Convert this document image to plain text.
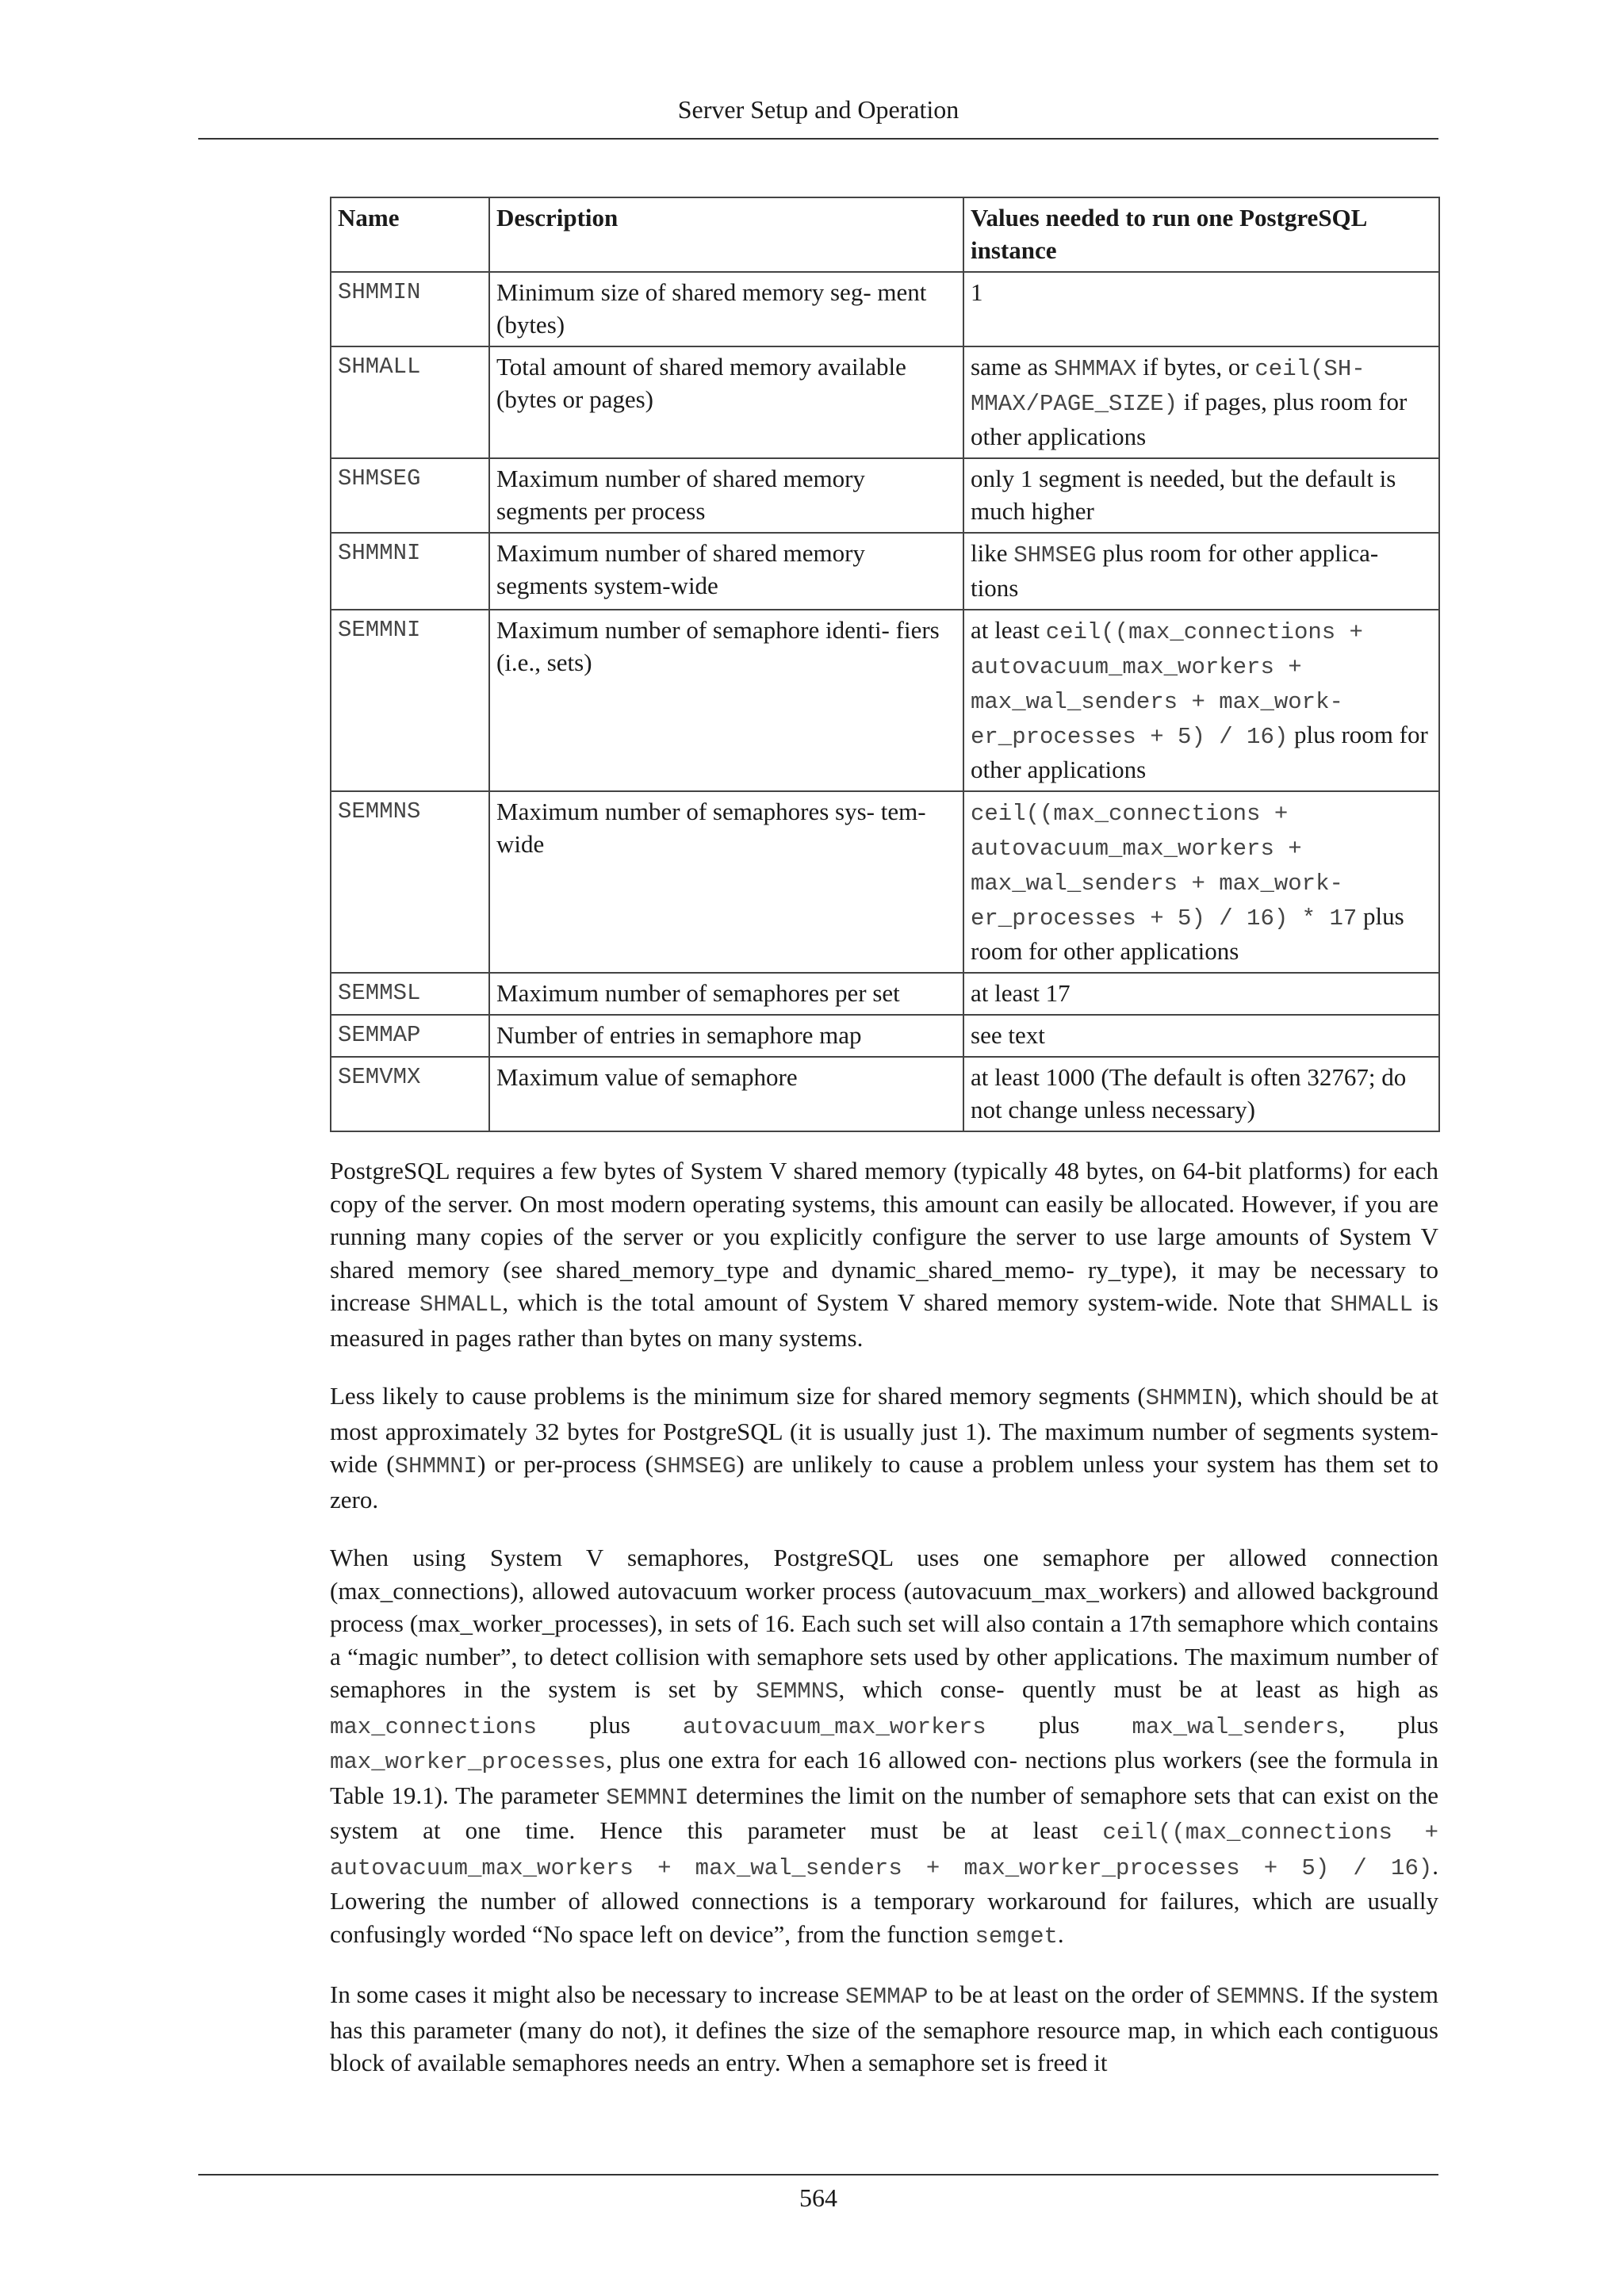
Server Setup and Operation
Name	Description	Values needed to run one PostgreSQL instance
SHMMIN	Minimum size of shared memory seg- ment (bytes)	1
SHMALL	Total amount of shared memory available (bytes or pages)	same as SHMMAX if bytes, or ceil(SH- MMAX/PAGE_SIZE) if pages, plus room for other applications
SHMSEG	Maximum number of shared memory segments per process	only 1 segment is needed, but the default is much higher
SHMMNI	Maximum number of shared memory segments system-wide	like SHMSEG plus room for other applica- tions
SEMMNI	Maximum number of semaphore identi- fiers (i.e., sets)	at least ceil((max_connections + autovacuum_max_workers + max_wal_senders + max_work- er_processes + 5) / 16) plus room for other applications
SEMMNS	Maximum number of semaphores sys- tem-wide	ceil((max_connections + autovacuum_max_workers + max_wal_senders + max_work- er_processes + 5) / 16) * 17 plus room for other applications
SEMMSL	Maximum number of semaphores per set	at least 17
SEMMAP	Number of entries in semaphore map	see text
SEMVMX	Maximum value of semaphore	at least 1000 (The default is often 32767; do not change unless necessary)

PostgreSQL requires a few bytes of System V shared memory (typically 48 bytes, on 64-bit platforms) for each copy of the server. On most modern operating systems, this amount can easily be allocated. However, if you are running many copies of the server or you explicitly configure the server to use large amounts of System V shared memory (see shared_memory_type and dynamic_shared_memo- ry_type), it may be necessary to increase SHMALL, which is the total amount of System V shared memory system-wide. Note that SHMALL is measured in pages rather than bytes on many systems.

Less likely to cause problems is the minimum size for shared memory segments (SHMMIN), which should be at most approximately 32 bytes for PostgreSQL (it is usually just 1). The maximum number of segments system-wide (SHMMNI) or per-process (SHMSEG) are unlikely to cause a problem unless your system has them set to zero.

When using System V semaphores, PostgreSQL uses one semaphore per allowed connection (max_connections), allowed autovacuum worker process (autovacuum_max_workers) and allowed background process (max_worker_processes), in sets of 16. Each such set will also contain a 17th semaphore which contains a “magic number”, to detect collision with semaphore sets used by other applications. The maximum number of semaphores in the system is set by SEMMNS, which conse- quently must be at least as high as max_connections plus autovacuum_max_workers plus max_wal_senders, plus max_worker_processes, plus one extra for each 16 allowed con- nections plus workers (see the formula in Table 19.1). The parameter SEMMNI determines the limit on the number of semaphore sets that can exist on the system at one time. Hence this parameter must be at least ceil((max_connections + autovacuum_max_workers + max_wal_senders + max_worker_processes + 5) / 16). Lowering the number of allowed connections is a temporary workaround for failures, which are usually confusingly worded “No space left on device”, from the function semget.

In some cases it might also be necessary to increase SEMMAP to be at least on the order of SEMMNS. If the system has this parameter (many do not), it defines the size of the semaphore resource map, in which each contiguous block of available semaphores needs an entry. When a semaphore set is freed it

564
